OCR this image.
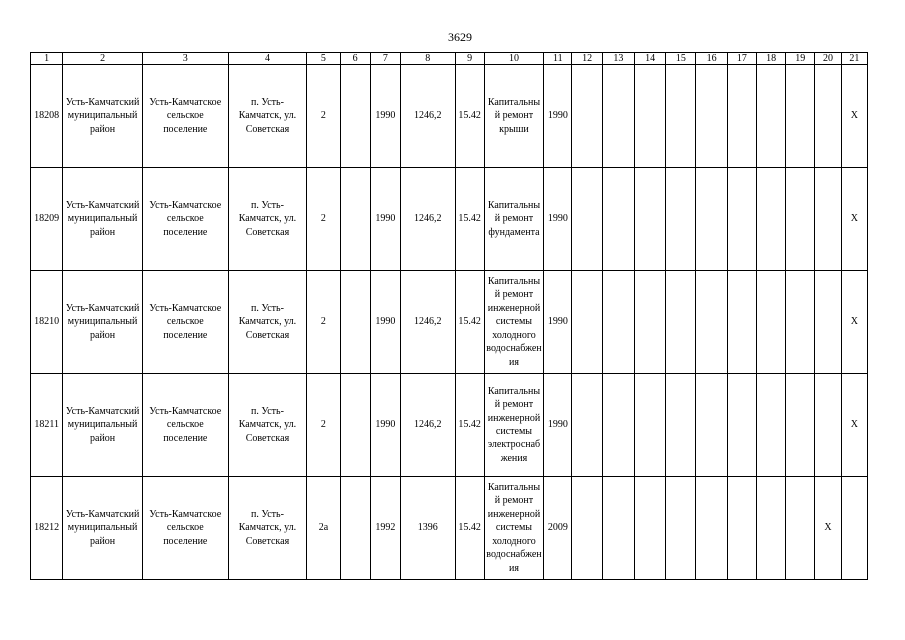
3629
1	2	3	4	5	6	7	8	9	10	11	12	13	14	15	16	17	18	19	20	21
18208	Усть-Камчатский муниципальный район	Усть-Камчатское сельское поселение	п. Усть-Камчатск, ул. Советская	2		1990	1246,2	15.42	Капитальный ремонт крыши	1990										X
18209	Усть-Камчатский муниципальный район	Усть-Камчатское сельское поселение	п. Усть-Камчатск, ул. Советская	2		1990	1246,2	15.42	Капитальный ремонт фундамента	1990										X
18210	Усть-Камчатский муниципальный район	Усть-Камчатское сельское поселение	п. Усть-Камчатск, ул. Советская	2		1990	1246,2	15.42	Капитальный ремонт инженерной системы холодного водоснабжения	1990										X
18211	Усть-Камчатский муниципальный район	Усть-Камчатское сельское поселение	п. Усть-Камчатск, ул. Советская	2		1990	1246,2	15.42	Капитальный ремонт инженерной системы электроснабжения	1990										X
18212	Усть-Камчатский муниципальный район	Усть-Камчатское сельское поселение	п. Усть-Камчатск, ул. Советская	2а		1992	1396	15.42	Капитальный ремонт инженерной системы холодного водоснабжения	2009									X	
